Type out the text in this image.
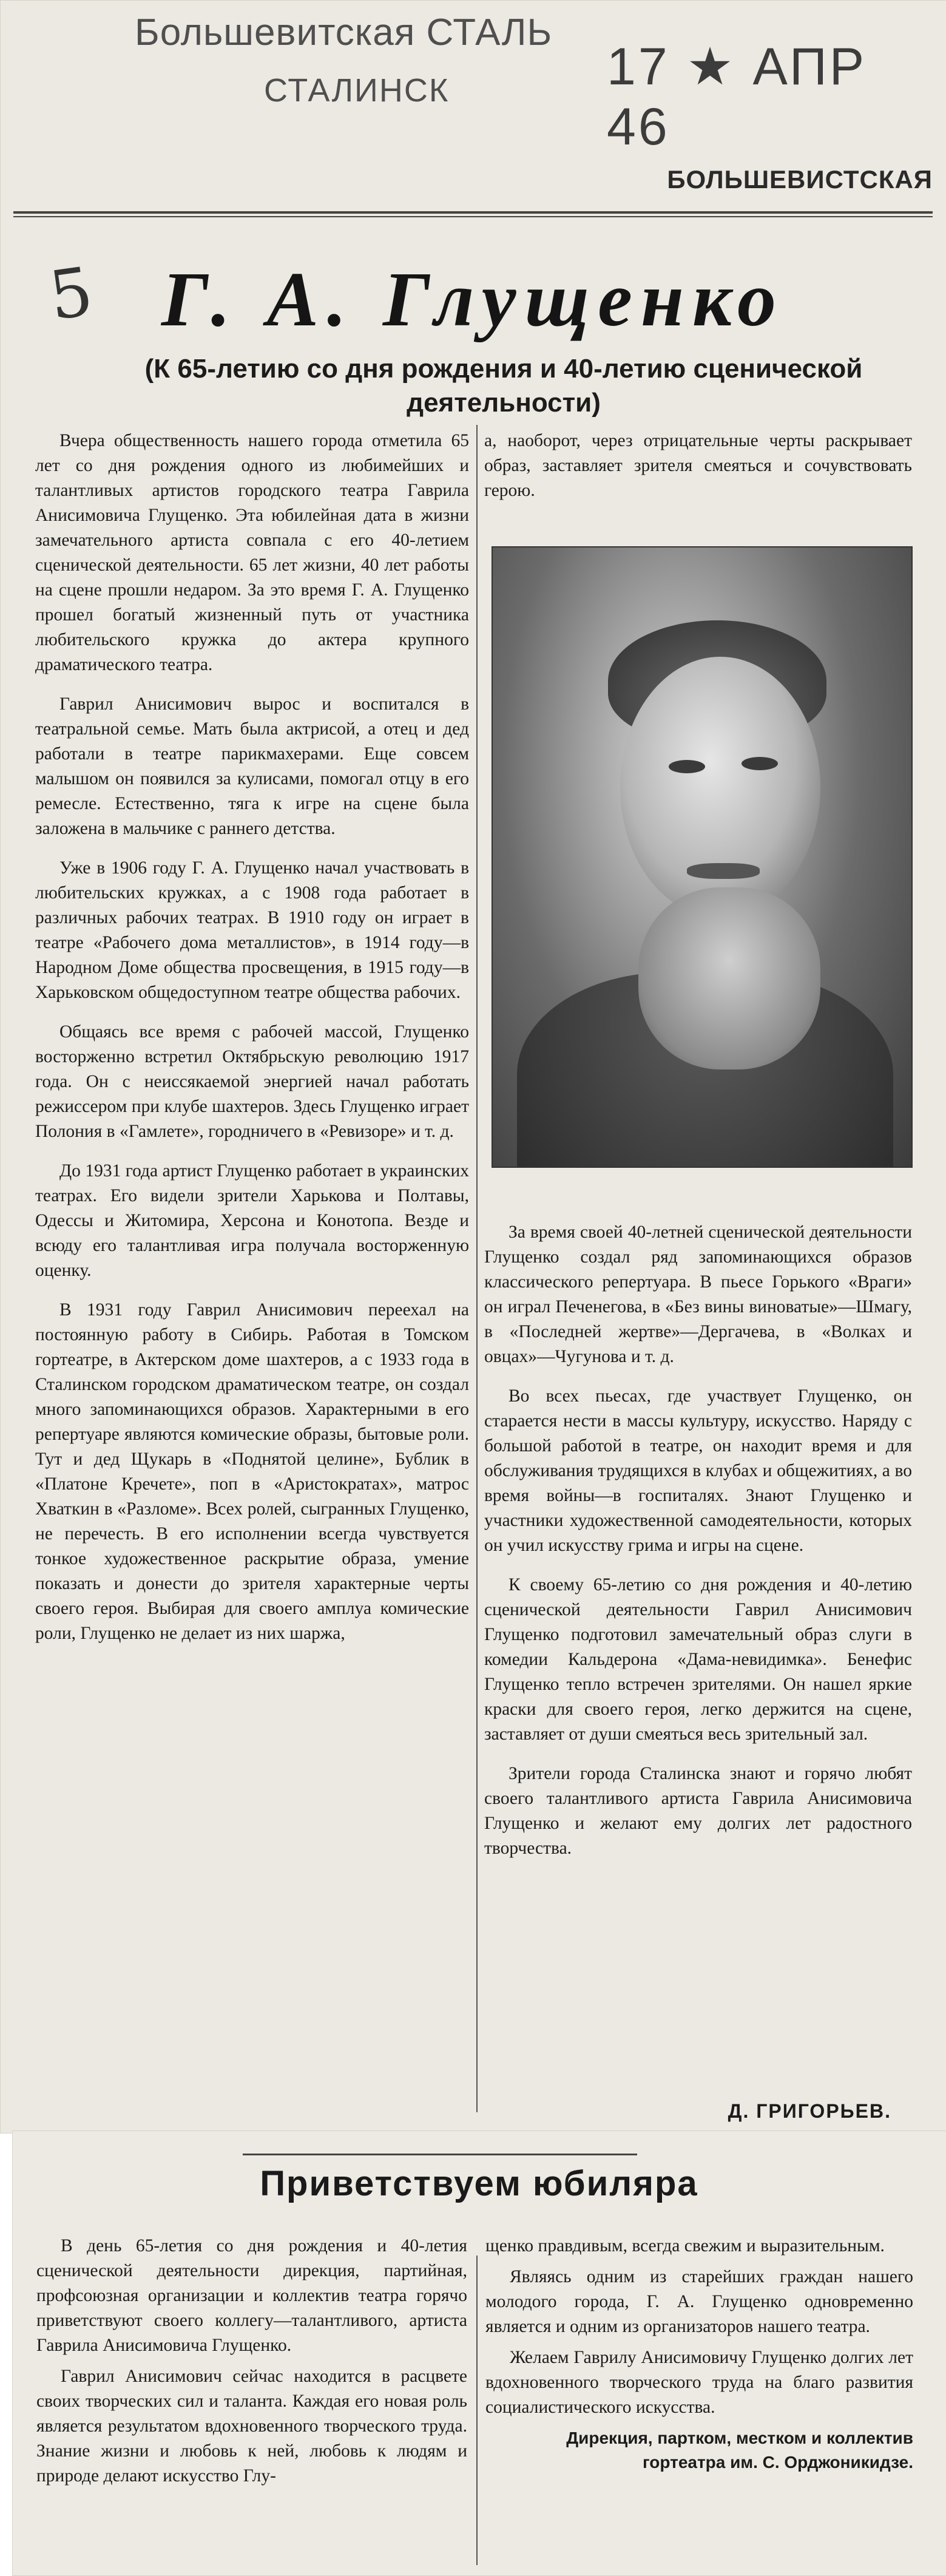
Большевитская СТАЛЬ
СТАЛИНСК	17 ★ АПР 46
БОЛЬШЕВИСТСКАЯ
5 Г. А. Глущенко

(К 65-летию со дня рождения и 40-летию сценической деятельности)

Вчера общественность нашего города отметила 65 лет со дня рождения одного из любимейших и талантливых артистов городского театра Гаврила Анисимовича Глущенко. Эта юбилейная дата в жизни замечательного артиста совпала с его 40-летием сценической деятельности. 65 лет жизни, 40 лет работы на сцене прошли недаром. За это время Г. А. Глущенко прошел богатый жизненный путь от участника любительского кружка до актера крупного драматического театра.

Гаврил Анисимович вырос и воспитался в театральной семье. Мать была актрисой, а отец и дед работали в театре парикмахерами. Еще совсем малышом он появился за кулисами, помогал отцу в его ремесле. Естественно, тяга к игре на сцене была заложена в мальчике с раннего детства.

Уже в 1906 году Г. А. Глущенко начал участвовать в любительских кружках, а с 1908 года работает в различных рабочих театрах. В 1910 году он играет в театре «Рабочего дома металлистов», в 1914 году—в Народном Доме общества просвещения, в 1915 году—в Харьковском общедоступном театре общества рабочих.

Общаясь все время с рабочей массой, Глущенко восторженно встретил Октябрьскую революцию 1917 года. Он с неиссякаемой энергией начал работать режиссером при клубе шахтеров. Здесь Глущенко играет Полония в «Гамлете», городничего в «Ревизоре» и т. д.

До 1931 года артист Глущенко работает в украинских театрах. Его видели зрители Харькова и Полтавы, Одессы и Житомира, Херсона и Конотопа. Везде и всюду его талантливая игра получала восторженную оценку.

В 1931 году Гаврил Анисимович переехал на постоянную работу в Сибирь. Работая в Томском гортеатре, в Актерском доме шахтеров, а с 1933 года в Сталинском городском драматическом театре, он создал много запоминающихся образов. Характерными в его репертуаре являются комические образы, бытовые роли. Тут и дед Щукарь в «Поднятой целине», Бублик в «Платоне Кречете», поп в «Аристократах», матрос Хваткин в «Разломе». Всех ролей, сыгранных Глущенко, не перечесть. В его исполнении всегда чувствуется тонкое художественное раскрытие образа, умение показать и донести до зрителя характерные черты своего героя. Выбирая для своего амплуа комические роли, Глущенко не делает из них шаржа,

а, наоборот, через отрицательные черты раскрывает образ, заставляет зрителя смеяться и сочувствовать герою.

За время своей 40-летней сценической деятельности Глущенко создал ряд запоминающихся образов классического репертуара. В пьесе Горького «Враги» он играл Печенегова, в «Без вины виноватые»—Шмагу, в «Последней жертве»—Дергачева, в «Волках и овцах»—Чугунова и т. д.

Во всех пьесах, где участвует Глущенко, он старается нести в массы культуру, искусство. Наряду с большой работой в театре, он находит время и для обслуживания трудящихся в клубах и общежитиях, а во время войны—в госпиталях. Знают Глущенко и участники художественной самодеятельности, которых он учил искусству грима и игры на сцене.

К своему 65-летию со дня рождения и 40-летию сценической деятельности Гаврил Анисимович Глущенко подготовил замечательный образ слуги в комедии Кальдерона «Дама-невидимка». Бенефис Глущенко тепло встречен зрителями. Он нашел яркие краски для своего героя, легко держится на сцене, заставляет от души смеяться весь зрительный зал.

Зрители города Сталинска знают и горячо любят своего талантливого артиста Гаврила Анисимовича Глущенко и желают ему долгих лет радостного творчества.

Д. ГРИГОРЬЕВ.
Приветствуем юбиляра

В день 65-летия со дня рождения и 40-летия сценической деятельности дирекция, партийная, профсоюзная организации и коллектив театра горячо приветствуют своего коллегу—талантливого, артиста Гаврила Анисимовича Глущенко.

Гаврил Анисимович сейчас находится в расцвете своих творческих сил и таланта. Каждая его новая роль является результатом вдохновенного творческого труда. Знание жизни и любовь к ней, любовь к людям и природе делают искусство Глу-

щенко правдивым, всегда свежим и выразительным.

Являясь одним из старейших граждан нашего молодого города, Г. А. Глущенко одновременно является и одним из организаторов нашего театра.

Желаем Гаврилу Анисимовичу Глущенко долгих лет вдохновенного творческого труда на благо развития социалистического искусства.

Дирекция, партком, местком и коллектив гортеатра им. С. Орджоникидзе.
